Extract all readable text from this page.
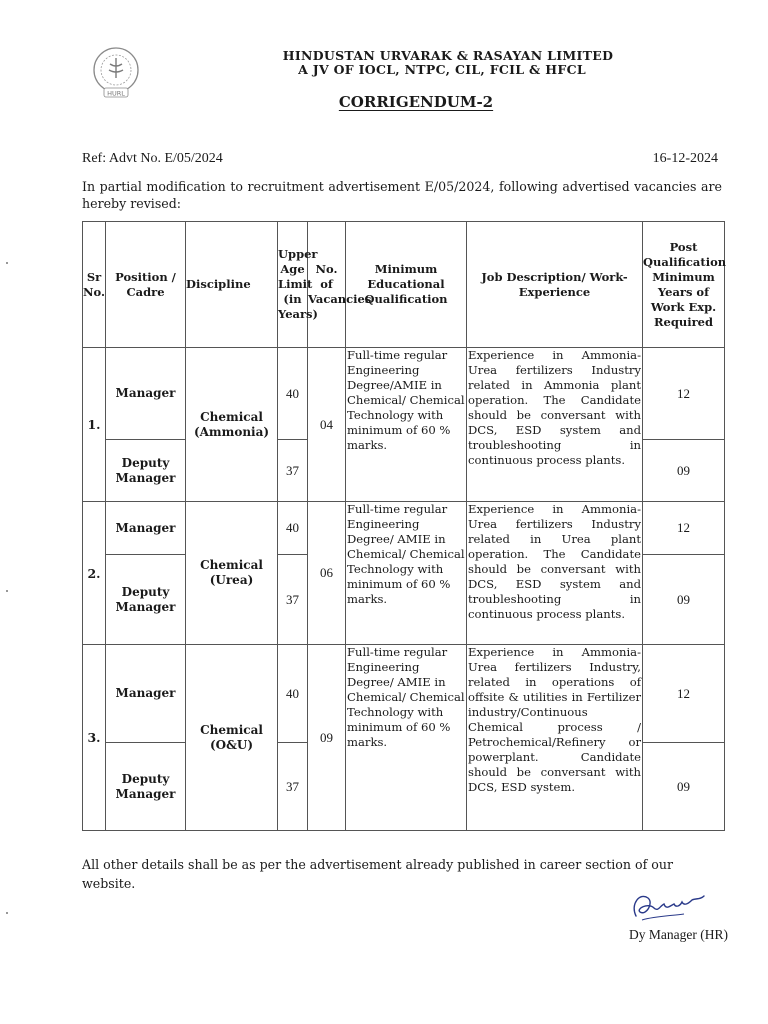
HURL
HINDUSTAN URVARAK & RASAYAN LIMITED
A JV OF IOCL, NTPC, CIL, FCIL & HFCL
CORRIGENDUM-2
Ref: Advt No. E/05/2024	16-12-2024
In partial modification to recruitment advertisement E/05/2024, following advertised vacancies are hereby revised:
Sr No.	Position / Cadre	Discipline	Upper Age Limit (in Years)	No. of Vacancies	Minimum Educational Qualification	Job Description/ Work-Experience	Post Qualification Minimum Years of Work Exp. Required
1.	Manager	Chemical (Ammonia)	40	04	Full-time regular Engineering Degree/AMIE in Chemical/ Chemical Technology with minimum of 60 % marks.	Experience in Ammonia-Urea fertilizers Industry related in Ammonia plant operation. The Candidate should be conversant with DCS, ESD system and troubleshooting in continuous process plants.	12
	Deputy Manager		37				09
2.	Manager	Chemical (Urea)	40	06	Full-time regular Engineering Degree/ AMIE in Chemical/ Chemical Technology with minimum of 60 % marks.	Experience in Ammonia-Urea fertilizers Industry related in Urea plant operation. The Candidate should be conversant with DCS, ESD system and troubleshooting in continuous process plants.	12
	Deputy Manager		37				09
3.	Manager	Chemical (O&U)	40	09	Full-time regular Engineering Degree/ AMIE in Chemical/ Chemical Technology with minimum of 60 % marks.	Experience in Ammonia-Urea fertilizers Industry, related in operations of offsite & utilities in Fertilizer industry/Continuous Chemical process / Petrochemical/Refinery or powerplant. Candidate should be conversant with DCS, ESD system.	12
	Deputy Manager		37				09
All other details shall be as per the advertisement already published in career section of our website.
Dy Manager (HR)
